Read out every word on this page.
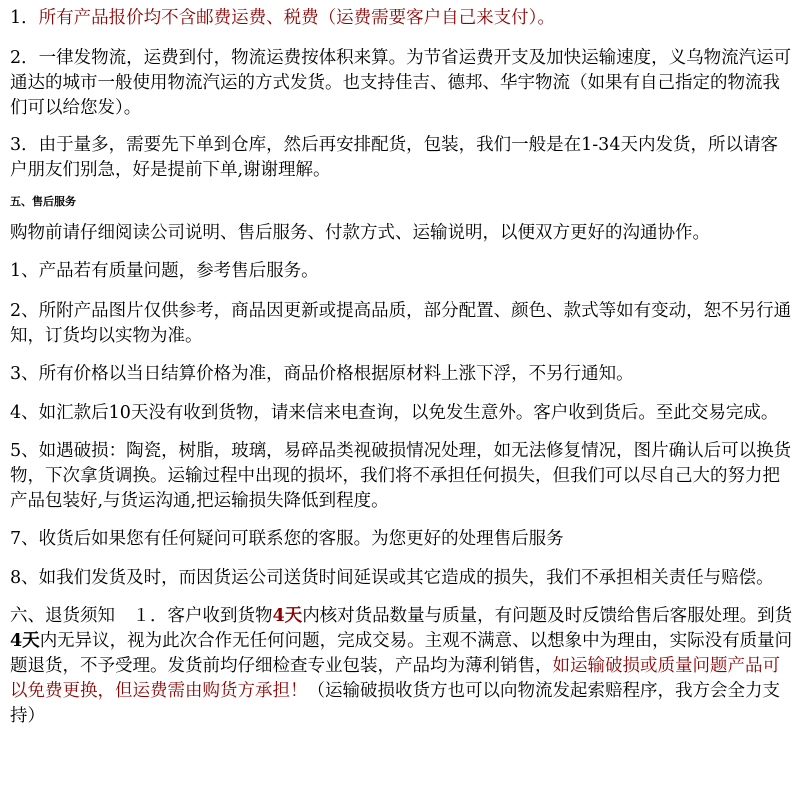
1．所有产品报价均不含邮费运费、税费（运费需要客户自己来支付）。

2．一律发物流，运费到付，物流运费按体积来算。为节省运费开支及加快运输速度，义乌物流汽运可通达的城市一般使用物流汽运的方式发货。也支持佳吉、德邦、华宇物流（如果有自己指定的物流我们可以给您发）。

3．由于量多，需要先下单到仓库，然后再安排配货，包装，我们一般是在1-34天内发货，所以请客户朋友们别急，好是提前下单,谢谢理解。

五、售后服务

购物前请仔细阅读公司说明、售后服务、付款方式、运输说明，以便双方更好的沟通协作。

1、产品若有质量问题，参考售后服务。

2、所附产品图片仅供参考，商品因更新或提高品质，部分配置、颜色、款式等如有变动，恕不另行通知，订货均以实物为准。

3、所有价格以当日结算价格为准，商品价格根据原材料上涨下浮，不另行通知。

4、如汇款后10天没有收到货物，请来信来电查询，以免发生意外。客户收到货后。至此交易完成。

5、如遇破损：陶瓷，树脂，玻璃，易碎品类视破损情况处理，如无法修复情况，图片确认后可以换货物，下次拿货调换。运输过程中出现的损坏，我们将不承担任何损失，但我们可以尽自己大的努力把产品包装好,与货运沟通,把运输损失降低到程度。

7、收货后如果您有任何疑问可联系您的客服。为您更好的处理售后服务

8、如我们发货及时，而因货运公司送货时间延误或其它造成的损失，我们不承担相关责任与赔偿。

六、退货须知　１．客户收到货物4天内核对货品数量与质量，有问题及时反馈给售后客服处理。到货4天内无异议，视为此次合作无任何问题，完成交易。主观不满意、以想象中为理由，实际没有质量问题退货，不予受理。发货前均仔细检查专业包装，产品均为薄利销售，如运输破损或质量问题产品可以免费更换，但运费需由购货方承担！（运输破损收货方也可以向物流发起索赔程序，我方会全力支持）
